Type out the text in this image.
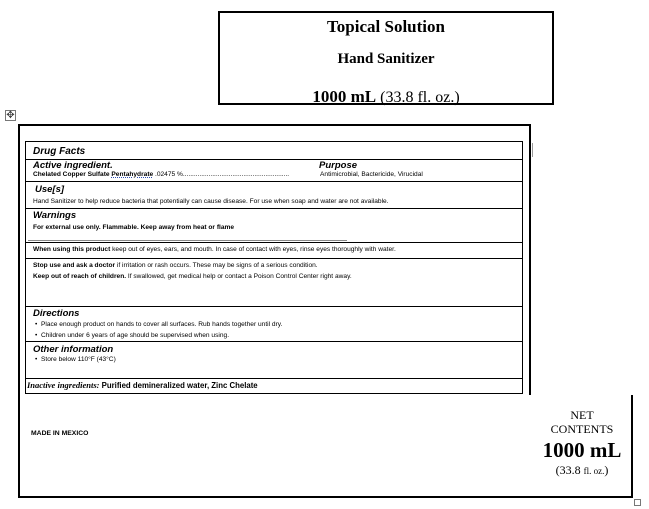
Topical Solution
Hand Sanitizer
1000 mL (33.8 fl. oz.)
✥
Drug Facts
Active ingredient.	Purpose
Chelated Copper Sulfate Pentahydrate .02475 %..........................................................	Antimicrobial, Bactericide, Virucidal
Use[s]
Hand Sanitizer to help reduce bacteria that potentially can cause disease. For use when soap and water are not available.
Warnings
For external use only. Flammable. Keep away from heat or flame
When using this product keep out of eyes, ears, and mouth. In case of contact with eyes, rinse eyes thoroughly with water.
Stop use and ask a doctor if irritation or rash occurs. These may be signs of a serious condition.
Keep out of reach of children. If swallowed, get medical help or contact a Poison Control Center right away.
Directions
•  Place enough product on hands to cover all surfaces. Rub hands together until dry.
•  Children under 6 years of age should be supervised when using.
Other information
•  Store below 110°F (43°C)
Inactive ingredients: Purified demineralized water, Zinc Chelate
MADE IN MEXICO
NET
CONTENTS
1000 mL
(33.8 fl. oz.)
